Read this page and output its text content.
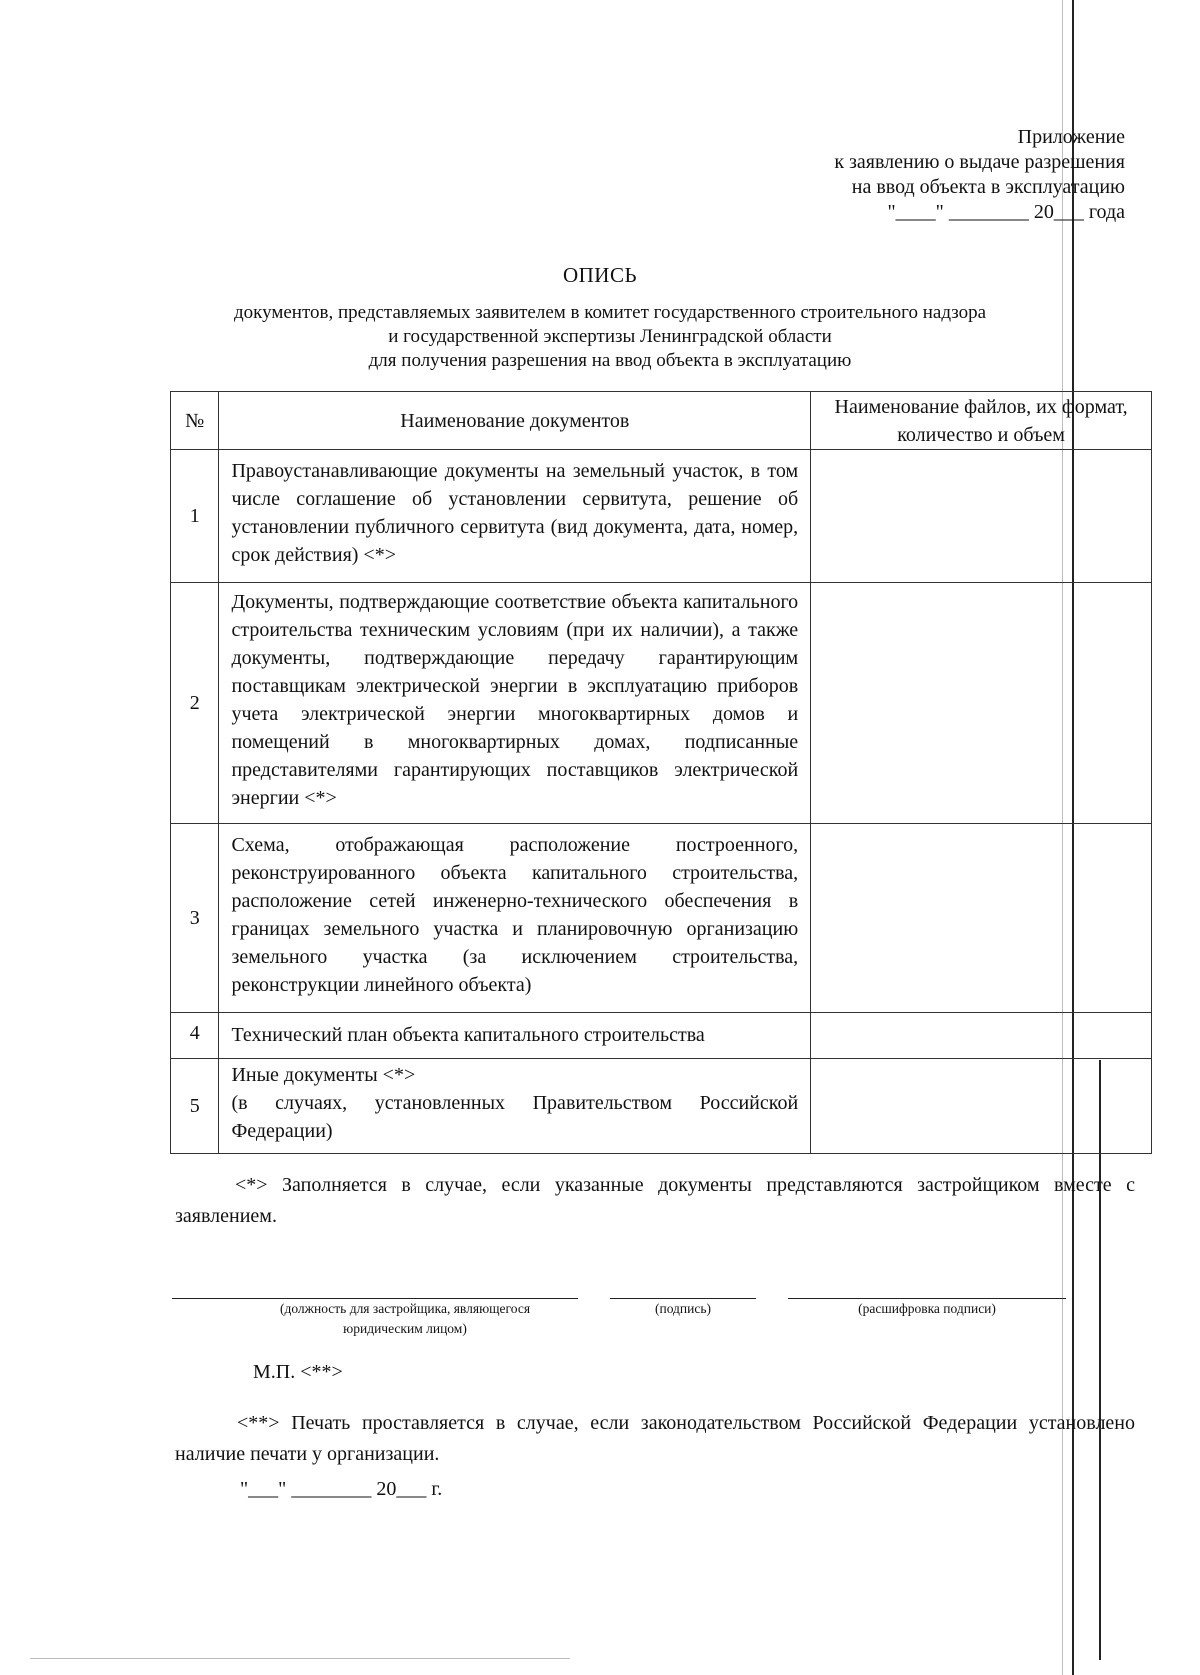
Приложение
к заявлению о выдаче разрешения
на ввод объекта в эксплуатацию
"____" ________ 20___ года
ОПИСЬ
документов, представляемых заявителем в комитет государственного строительного надзора
и государственной экспертизы Ленинградской области
для получения разрешения на ввод объекта в эксплуатацию
№	Наименование документов	Наименование файлов, их формат, количество и объем
1	Правоустанавливающие документы на земельный участок, в том числе соглашение об установлении сервитута, решение об установлении публичного сервитута (вид документа, дата, номер, срок действия) <*>	
2	Документы, подтверждающие соответствие объекта капитального строительства техническим условиям (при их наличии), а также документы, подтверждающие передачу гарантирующим поставщикам электрической энергии в эксплуатацию приборов учета электрической энергии многоквартирных домов и помещений в многоквартирных домах, подписанные представителями гарантирующих поставщиков электрической энергии <*>	
3	Схема, отображающая расположение построенного, реконструированного объекта капитального строительства, расположение сетей инженерно-технического обеспечения в границах земельного участка и планировочную организацию земельного участка (за исключением строительства, реконструкции линейного объекта)	
4	Технический план объекта капитального строительства	
5	Иные документы <*>
(в случаях, установленных Правительством Российской Федерации)	

<*> Заполняется в случае, если указанные документы представляются застройщиком вместе с заявлением.
(должность для застройщика, являющегося
юридическим лицом)
(подпись)	(расшифровка подписи)
М.П. <**>
<**> Печать проставляется в случае, если законодательством Российской Федерации установлено наличие печати у организации.
"___" ________ 20___ г.
